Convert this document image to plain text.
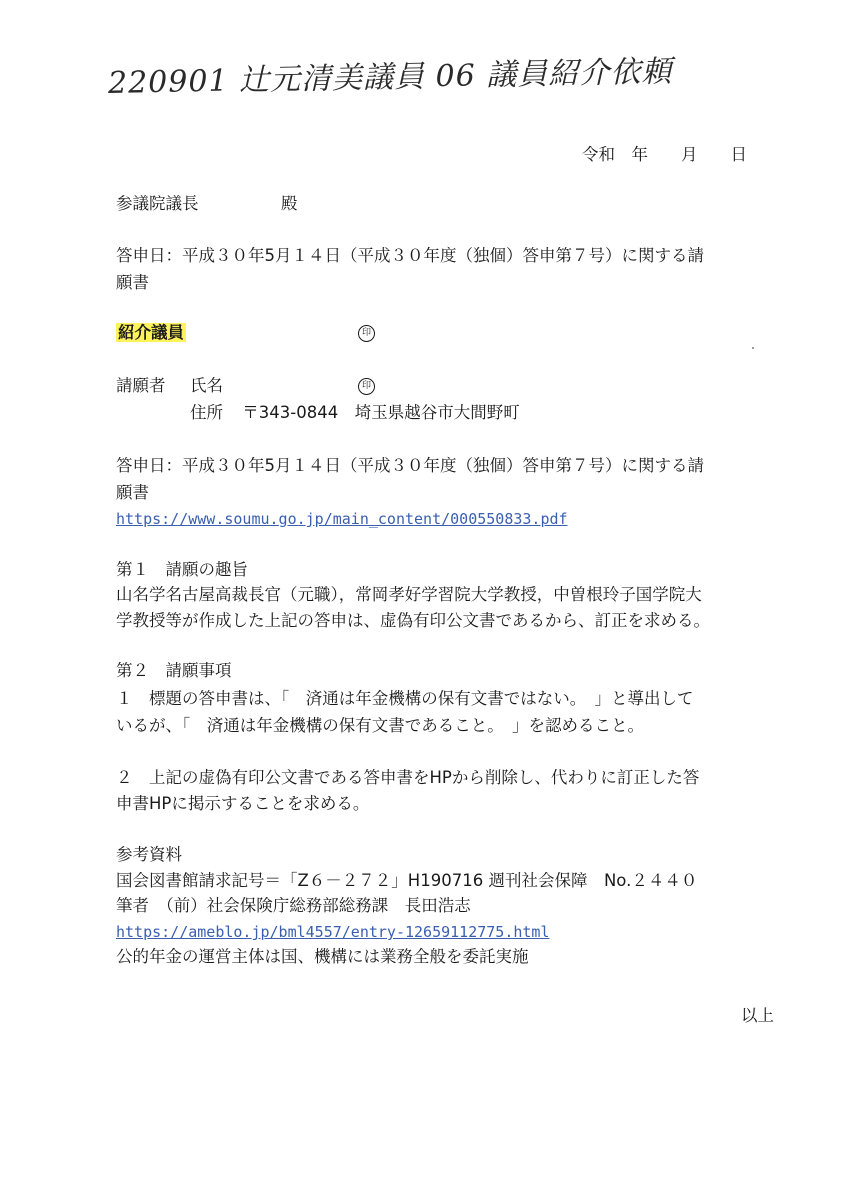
220901 辻元清美議員 06 議員紹介依頼
令和　年　　月　　日
参議院議長　　　　　殿
答申日：平成３０年5月１４日（平成３０年度（独個）答申第７号）に関する請
願書
紹介議員	印
請願者 氏名	印
住所 〒343-0844　埼玉県越谷市大間野町
答申日：平成３０年5月１４日（平成３０年度（独個）答申第７号）に関する請
願書
https://www.soumu.go.jp/main_content/000550833.pdf
第１　請願の趣旨
山名学名古屋高裁長官（元職），常岡孝好学習院大学教授，中曽根玲子国学院大
学教授等が作成した上記の答申は、虚偽有印公文書であるから、訂正を求める。
第２　請願事項
１　標題の答申書は、「　済通は年金機構の保有文書ではない。　」と導出して
いるが、「　済通は年金機構の保有文書であること。　」を認めること。
２　上記の虚偽有印公文書である答申書をHPから削除し、代わりに訂正した答
申書HPに掲示することを求める。
参考資料
国会図書館請求記号＝「Z６－２７２」H190716 週刊社会保障　No.２４４０
筆者　（前）社会保険庁総務部総務課　長田浩志
https://ameblo.jp/bml4557/entry-12659112775.html
公的年金の運営主体は国、機構には業務全般を委託実施
以上
